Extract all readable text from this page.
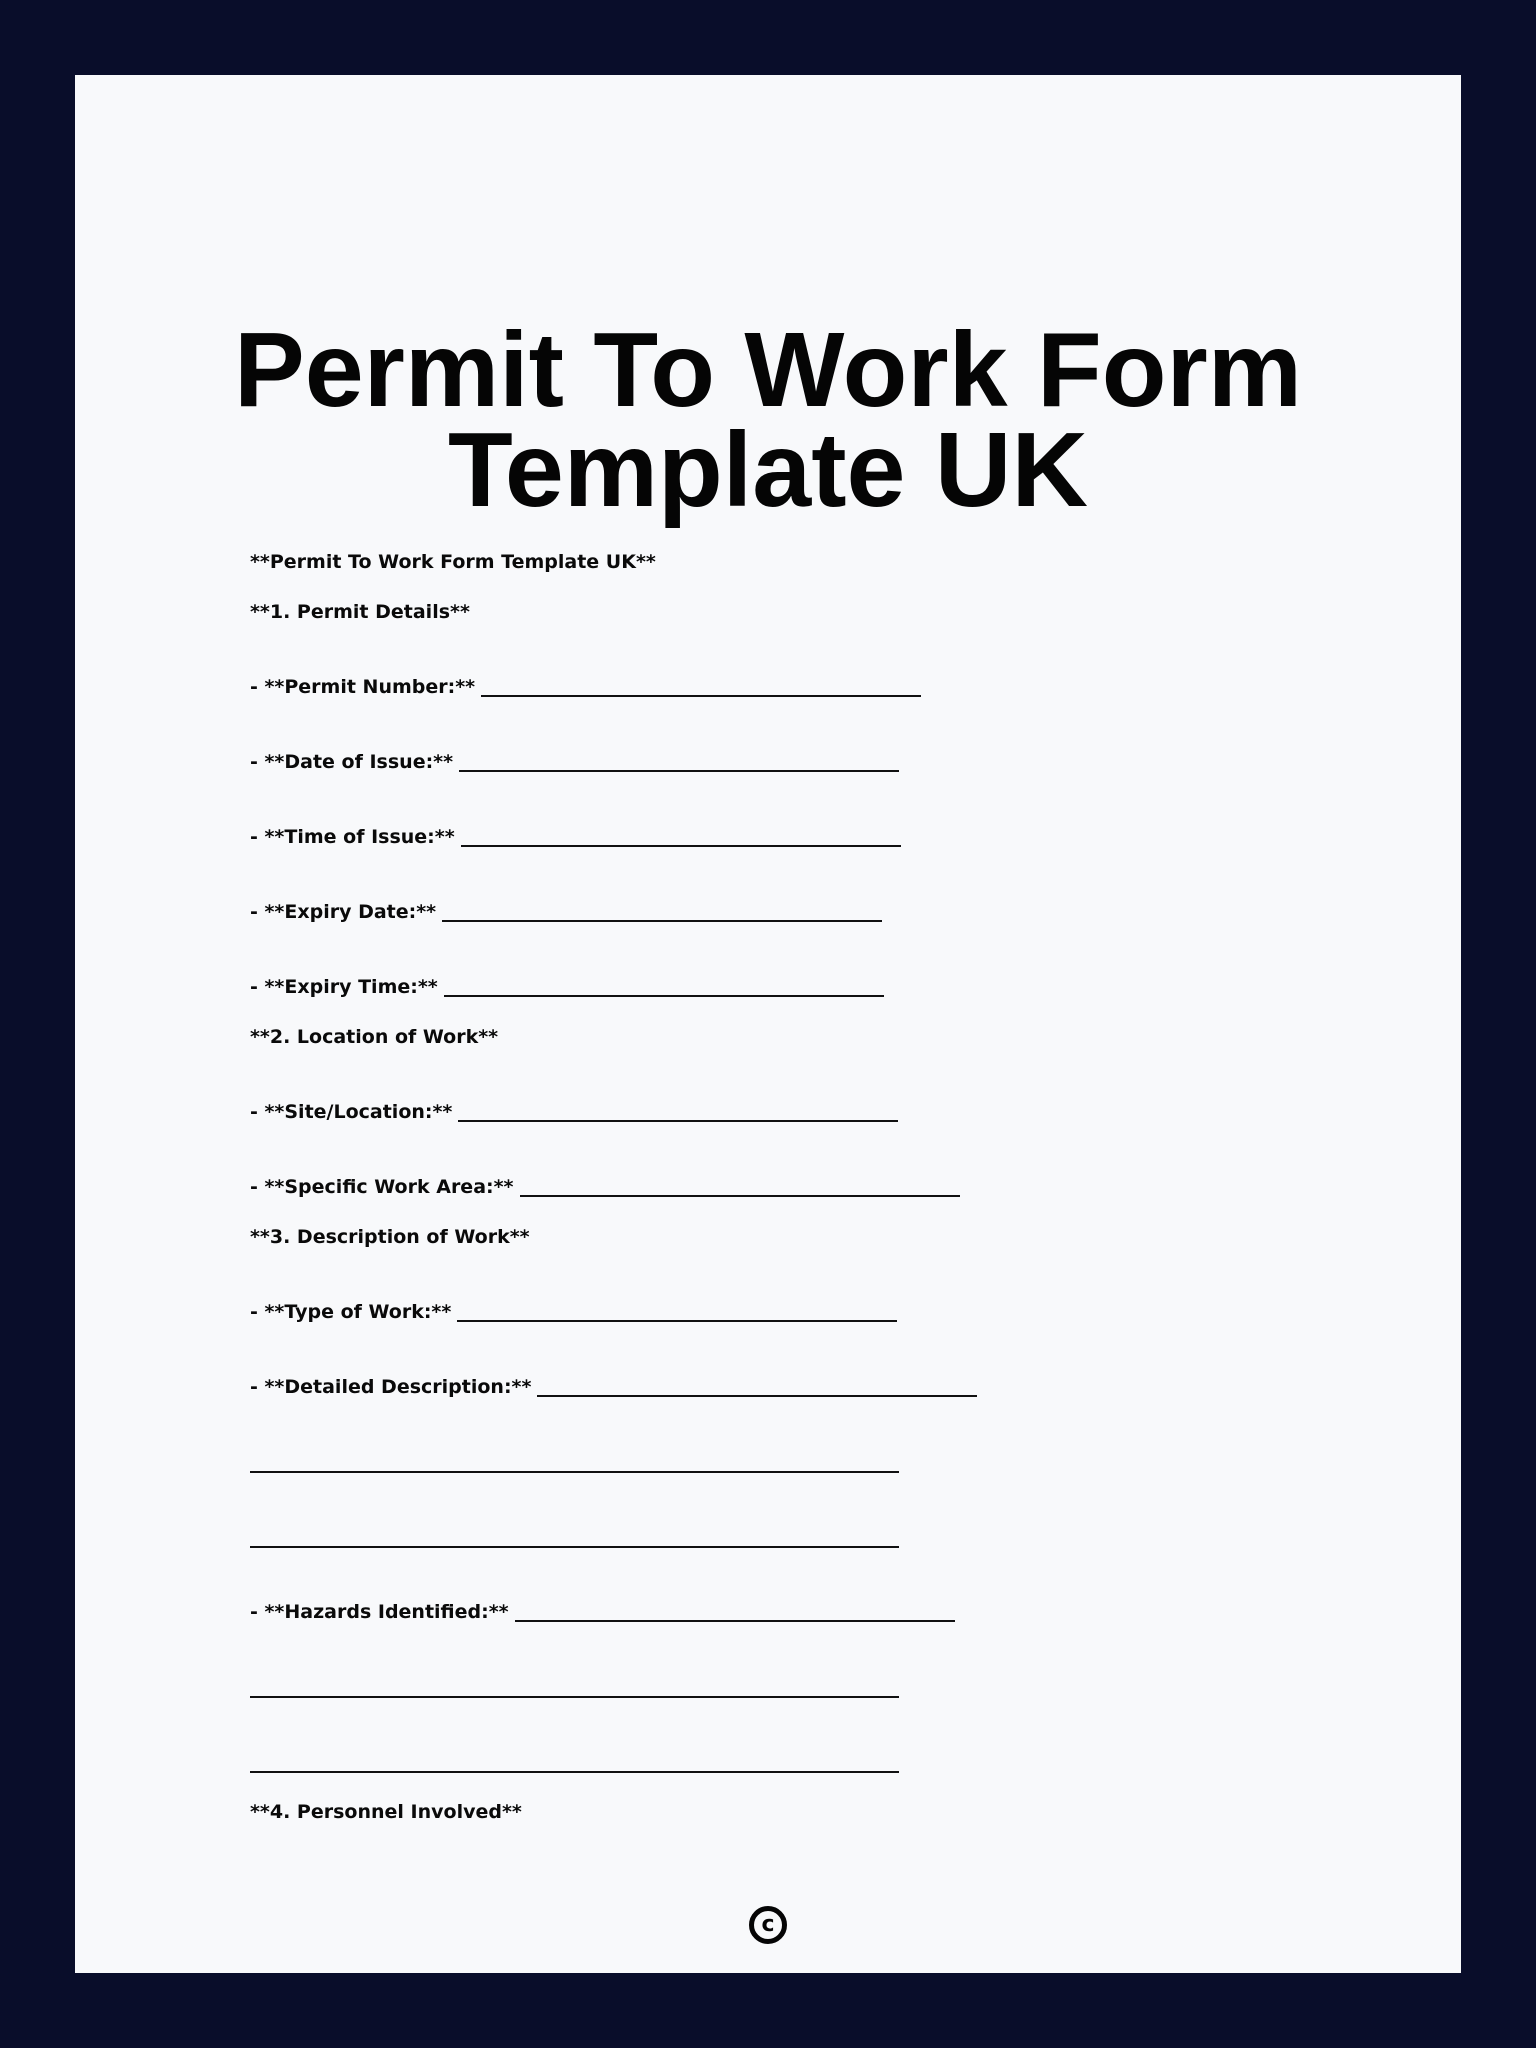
Permit To Work Form
Template UK
**Permit To Work Form Template UK**
**1. Permit Details**
- **Permit Number:**
- **Date of Issue:**
- **Time of Issue:**
- **Expiry Date:**
- **Expiry Time:**
**2. Location of Work**
- **Site/Location:**
- **Specific Work Area:**
**3. Description of Work**
- **Type of Work:**
- **Detailed Description:**
- **Hazards Identified:**
**4. Personnel Involved**
c
